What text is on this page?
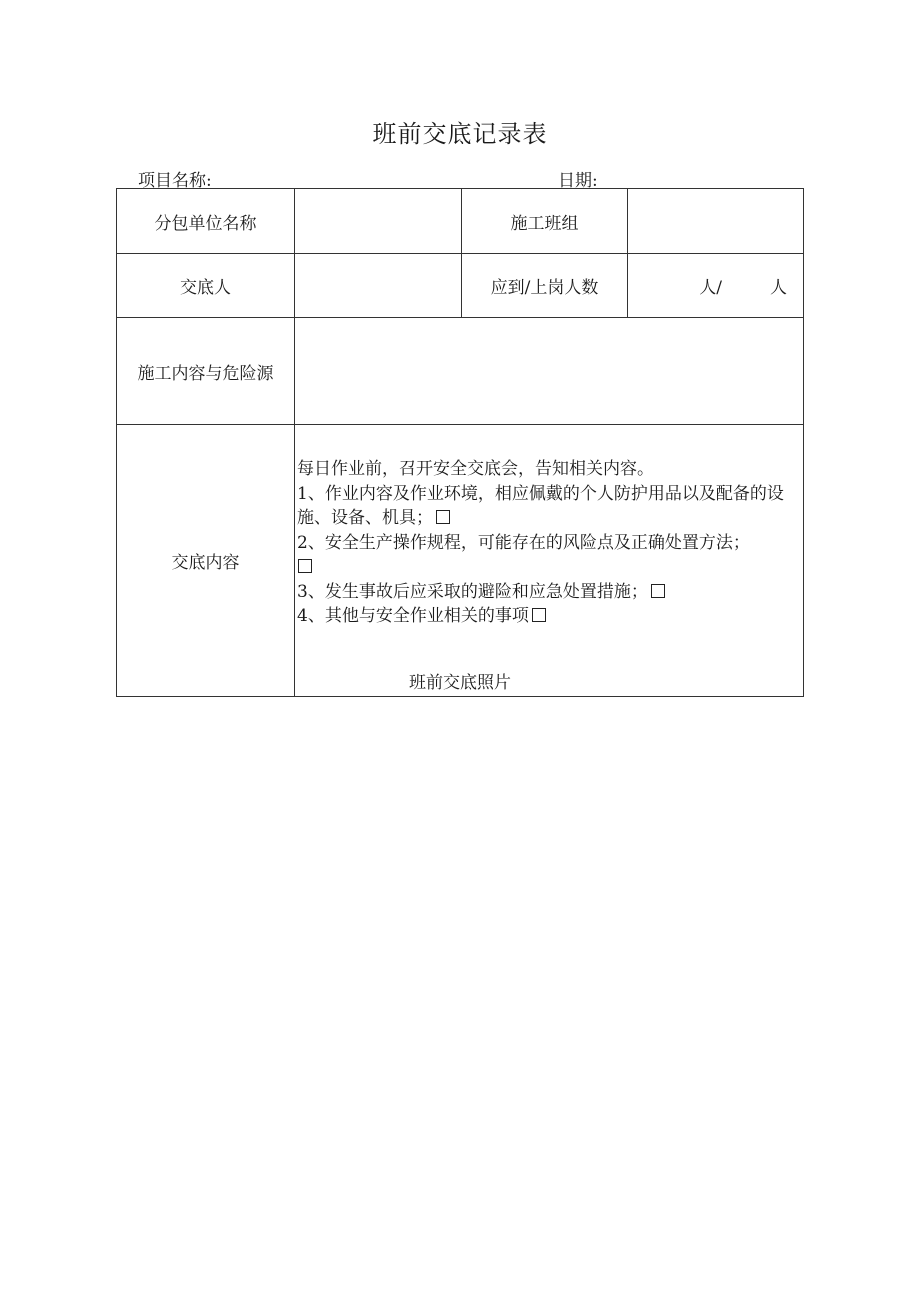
班前交底记录表
项目名称:	日期:
分包单位名称		施工班组	
交底人		应到/上岗人数	人/ 人
施工内容与危险源			
交底内容	每日作业前，召开安全交底会，告知相关内容。
1、作业内容及作业环境，相应佩戴的个人防护用品以及配备的设施、设备、机具；
2、安全生产操作规程，可能存在的风险点及正确处置方法；

3、发生事故后应采取的避险和应急处置措施；
4、其他与安全作业相关的事项		
班前交底照片
